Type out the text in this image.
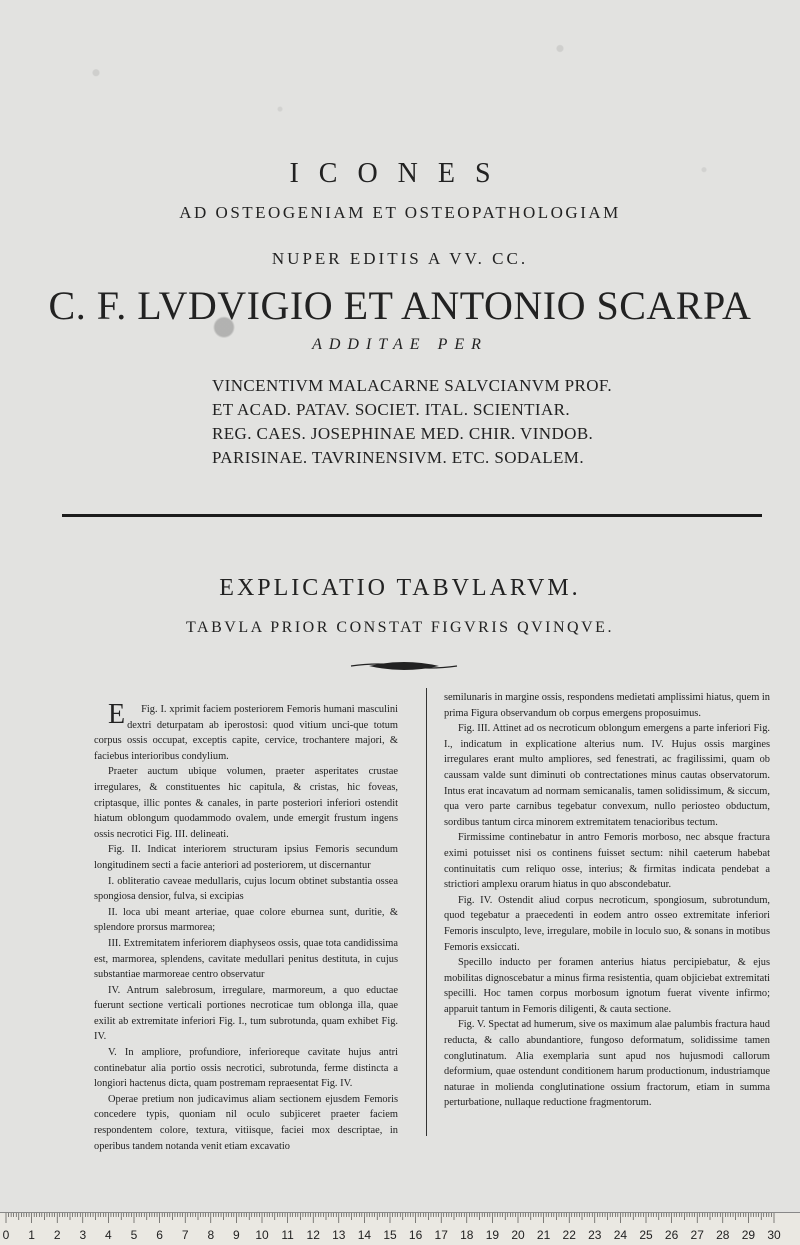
ICONES
AD OSTEOGENIAM ET OSTEOPATHOLOGIAM
NUPER EDITIS A VV. CC.
C. F. LVDVIGIO ET ANTONIO SCARPA
ADDITAE PER
VINCENTIVM MALACARNE SALVCIANVM PROF.
ET ACAD. PATAV. SOCIET. ITAL. SCIENTIAR.
REG. CAES. JOSEPHINAE MED. CHIR. VINDOB.
PARISINAE. TAVRINENSIVM. ETC. SODALEM.
EXPLICATIO TABVLARVM.
TABVLA PRIOR CONSTAT FIGVRIS QVINQVE.

Fig. I.
E	xprimit faciem posteriorem Femoris humani masculini dextri deturpatam ab iperostosi: quod vitium unci-que totum corpus ossis occupat, exceptis capite, cervice, trochantere majori, & faciebus interioribus condylium.

Praeter auctum ubique volumen, praeter asperitates crustae irregulares, & constituentes hic capitula, & cristas, hic foveas, criptasque, illic pontes & canales, in parte posteriori inferiori ostendit hiatum oblongum quodammodo ovalem, unde emergit frustum ingens ossis necrotici Fig. III. delineati.

Fig. II. Indicat interiorem structuram ipsius Femoris secundum longitudinem secti a facie anteriori ad posteriorem, ut discernantur

I. obliteratio caveae medullaris, cujus locum obtinet substantia ossea spongiosa densior, fulva, si excipias

II. loca ubi meant arteriae, quae colore eburnea sunt, duritie, & splendore prorsus marmorea;

III. Extremitatem inferiorem diaphyseos ossis, quae tota candidissima est, marmorea, splendens, cavitate medullari penitus destituta, in cujus substantiae marmoreae centro observatur

IV. Antrum salebrosum, irregulare, marmoreum, a quo eductae fuerunt sectione verticali portiones necroticae tum oblonga illa, quae exilit ab extremitate inferiori Fig. I., tum subrotunda, quam exhibet Fig. IV.

V. In ampliore, profundiore, inferioreque cavitate hujus antri continebatur alia portio ossis necrotici, subrotunda, ferme distincta a longiori hactenus dicta, quam postremam repraesentat Fig. IV.

Operae pretium non judicavimus aliam sectionem ejusdem Femoris concedere typis, quoniam nil oculo subjiceret praeter faciem respondentem colore, textura, vitiisque, faciei mox descriptae, in operibus tandem notanda venit etiam excavatio

semilunaris in margine ossis, respondens medietati amplissimi hiatus, quem in prima Figura observandum ob corpus emergens proposuimus.

Fig. III. Attinet ad os necroticum oblongum emergens a parte inferiori Fig. I., indicatum in explicatione alterius num. IV. Hujus ossis margines irregulares erant multo ampliores, sed fenestrati, ac fragilissimi, quam ob caussam valde sunt diminuti ob contrectationes minus cautas observatorum. Intus erat incavatum ad normam semicanalis, tamen solidissimum, & siccum, qua vero parte carnibus tegebatur convexum, nullo periosteo obductum, sordibus tantum circa minorem extremitatem tenacioribus tectum.

Firmissime continebatur in antro Femoris morboso, nec absque fractura eximi potuisset nisi os continens fuisset sectum: nihil caeterum habebat continuitatis cum reliquo osse, interius; & firmitas indicata pendebat a strictiori amplexu orarum hiatus in quo abscondebatur.

Fig. IV. Ostendit aliud corpus necroticum, spongiosum, subrotundum, quod tegebatur a praecedenti in eodem antro osseo extremitate inferiori Femoris insculpto, leve, irregulare, mobile in loculo suo, & sonans in motibus Femoris exsiccati.

Specillo inducto per foramen anterius hiatus percipiebatur, & ejus mobilitas dignoscebatur a minus firma resistentia, quam objiciebat extremitati specilli. Hoc tamen corpus morbosum ignotum fuerat vivente infirmo; apparuit tantum in Femoris diligenti, & cauta sectione.

Fig. V. Spectat ad humerum, sive os maximum alae palumbis fractura haud reducta, & callo abundantiore, fungoso deformatum, solidissime tamen conglutinatum. Alia exemplaria sunt apud nos hujusmodi callorum deformium, quae ostendunt conditionem harum productionum, industriamque naturae in molienda conglutinatione ossium fractorum, etiam in summa perturbatione, nullaque reductione fragmentorum.

0 1 2 3 4 5 6 7 8 9 10 11 12 13 14 15 16 17 18 19 20 21 22 23 24 25 26 27 28 29 30
